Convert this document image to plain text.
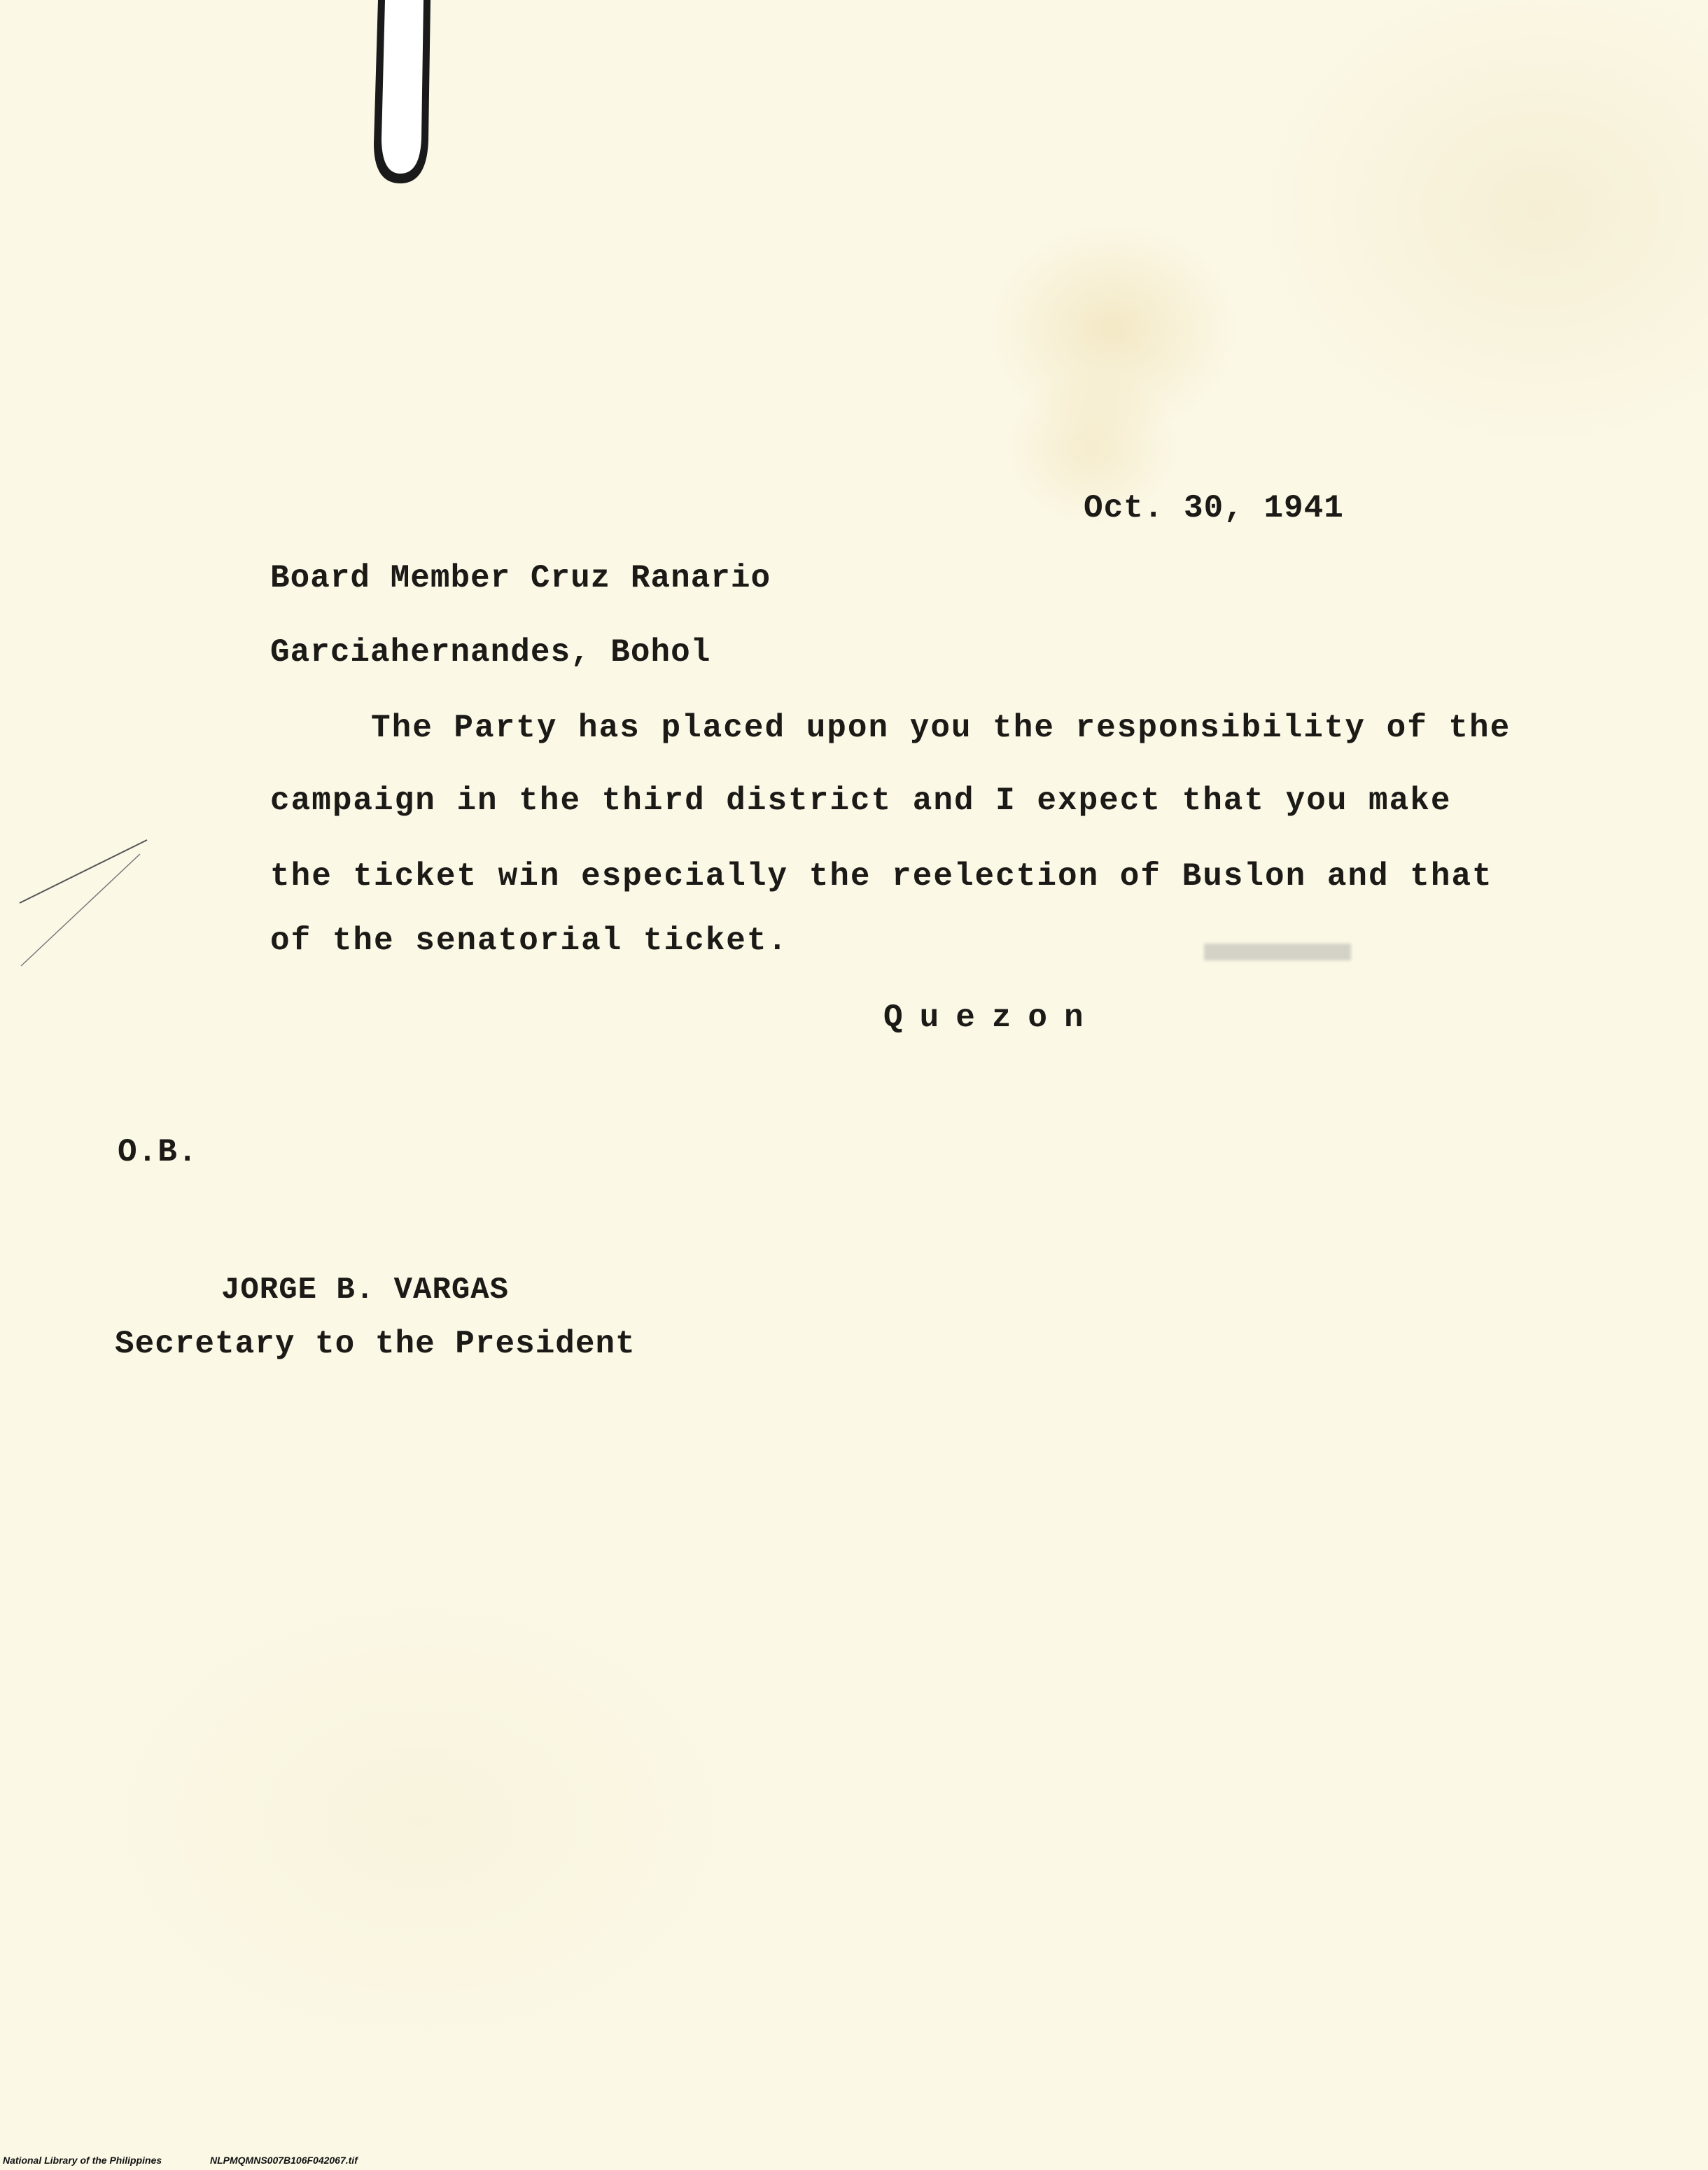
Oct. 30, 1941
Board Member Cruz Ranario
Garciahernandes, Bohol
The Party has placed upon you the responsibility of the
campaign in the third district and I expect that you make
the ticket win especially the reelection of Buslon and that
of the senatorial ticket.
Quezon
O.B.
JORGE B. VARGAS
Secretary to the President
National Library of the Philippines	NLPMQMNS007B106F042067.tif
